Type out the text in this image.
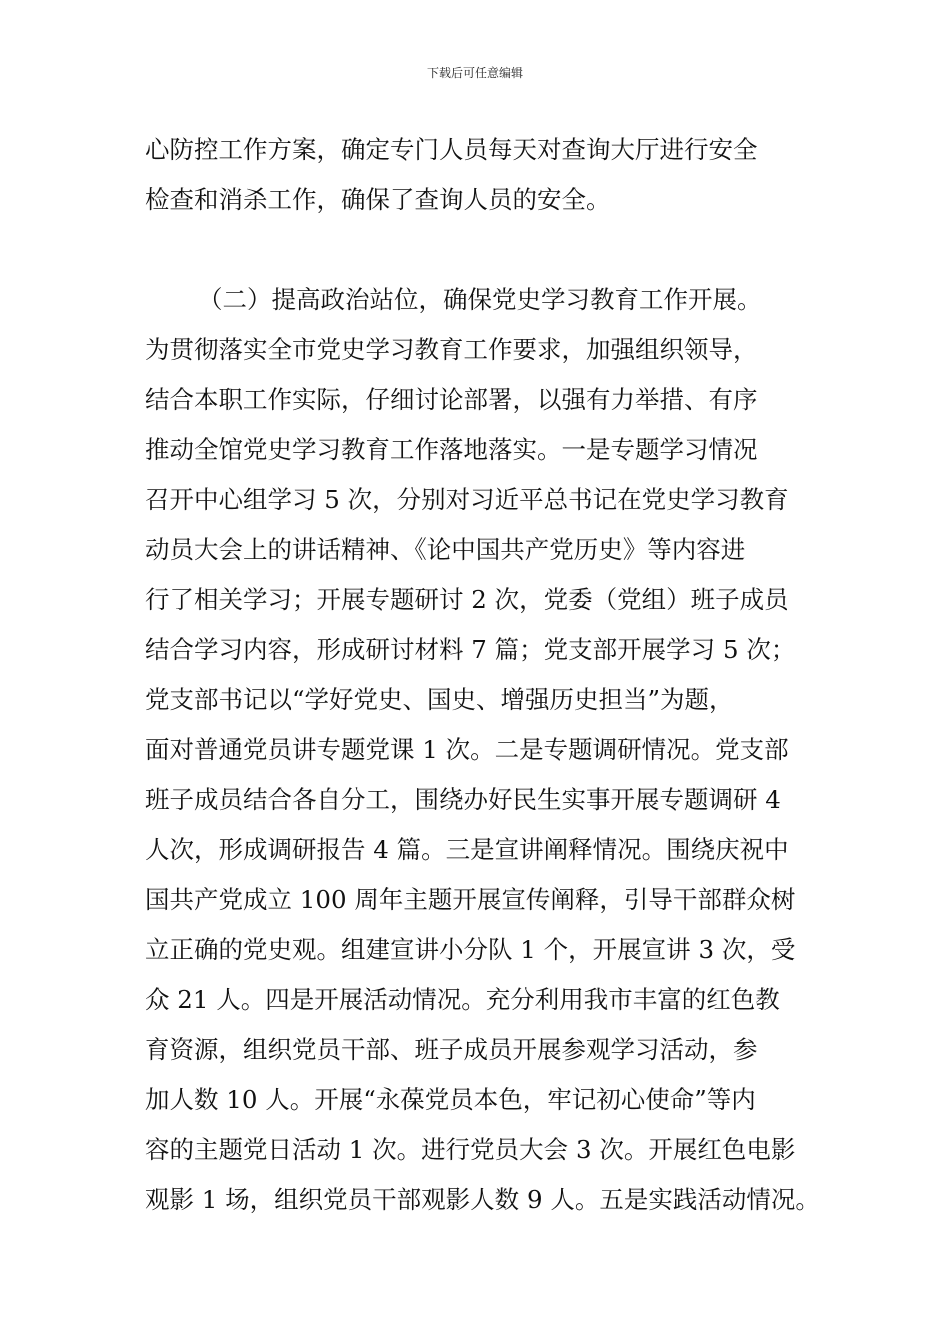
下载后可任意编辑
心防控工作方案，确定专门人员每天对查询大厅进行安全
检查和消杀工作，确保了查询人员的安全。
（二）提高政治站位，确保党史学习教育工作开展。
为贯彻落实全市党史学习教育工作要求，加强组织领导，
结合本职工作实际，仔细讨论部署，以强有力举措、有序
推动全馆党史学习教育工作落地落实。一是专题学习情况
召开中心组学习 5 次，分别对习近平总书记在党史学习教育
动员大会上的讲话精神、《论中国共产党历史》等内容进
行了相关学习；开展专题研讨 2 次，党委（党组）班子成员
结合学习内容，形成研讨材料 7 篇；党支部开展学习 5 次；
党支部书记以“学好党史、国史、增强历史担当”为题，
面对普通党员讲专题党课 1 次。二是专题调研情况。党支部
班子成员结合各自分工，围绕办好民生实事开展专题调研 4
人次，形成调研报告 4 篇。三是宣讲阐释情况。围绕庆祝中
国共产党成立 100 周年主题开展宣传阐释，引导干部群众树
立正确的党史观。组建宣讲小分队 1 个，开展宣讲 3 次，受
众 21 人。四是开展活动情况。充分利用我市丰富的红色教
育资源，组织党员干部、班子成员开展参观学习活动，参
加人数 10 人。开展“永葆党员本色，牢记初心使命”等内
容的主题党日活动 1 次。进行党员大会 3 次。开展红色电影
观影 1 场，组织党员干部观影人数 9 人。五是实践活动情况。
